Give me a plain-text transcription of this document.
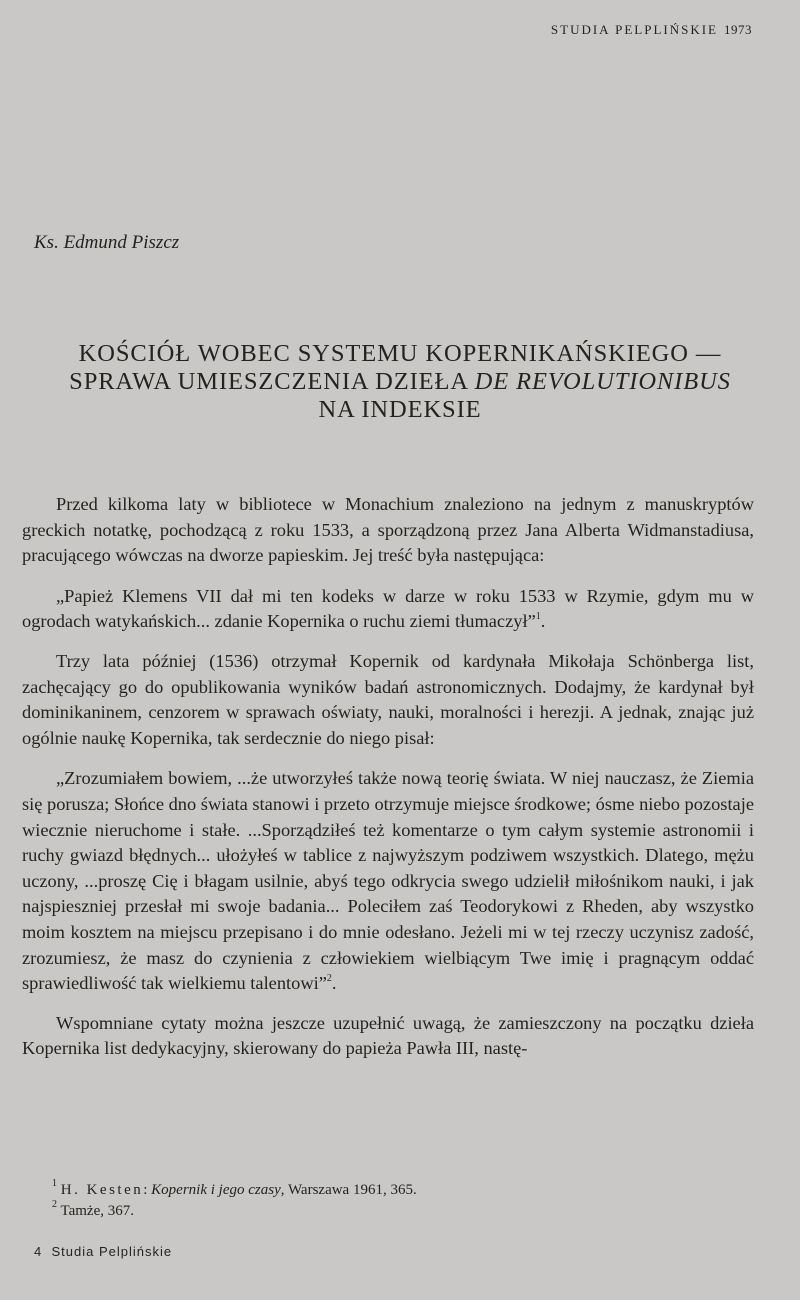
STUDIA PELPLIŃSKIE 1973
Ks. Edmund Piszcz
KOŚCIÓŁ WOBEC SYSTEMU KOPERNIKAŃSKIEGO —
SPRAWA UMIESZCZENIA DZIEŁA DE REVOLUTIONIBUS
NA INDEKSIE

Przed kilkoma laty w bibliotece w Monachium znaleziono na jednym z manuskryptów greckich notatkę, pochodzącą z roku 1533, a sporządzoną przez Jana Alberta Widmanstadiusa, pracującego wówczas na dworze papieskim. Jej treść była następująca:

„Papież Klemens VII dał mi ten kodeks w darze w roku 1533 w Rzymie, gdym mu w ogrodach watykańskich... zdanie Kopernika o ruchu ziemi tłumaczył”$^1$.

Trzy lata później (1536) otrzymał Kopernik od kardynała Mikołaja Schönberga list, zachęcający go do opublikowania wyników badań astronomicznych. Dodajmy, że kardynał był dominikaninem, cenzorem w sprawach oświaty, nauki, moralności i herezji. A jednak, znając już ogólnie naukę Kopernika, tak serdecznie do niego pisał:

„Zrozumiałem bowiem, ...że utworzyłeś także nową teorię świata. W niej nauczasz, że Ziemia się porusza; Słońce dno świata stanowi i przeto otrzymuje miejsce środkowe; ósme niebo pozostaje wiecznie nieruchome i stałe. ...Sporządziłeś też komentarze o tym całym systemie astronomii i ruchy gwiazd błędnych... ułożyłeś w tablice z najwyższym podziwem wszystkich. Dlatego, mężu uczony, ...proszę Cię i błagam usilnie, abyś tego odkrycia swego udzielił miłośnikom nauki, i jak najspieszniej przesłał mi swoje badania... Poleciłem zaś Teodorykowi z Rheden, aby wszystko moim kosztem na miejscu przepisano i do mnie odesłano. Jeżeli mi w tej rzeczy uczynisz zadość, zrozumiesz, że masz do czynienia z człowiekiem wielbiącym Twe imię i pragnącym oddać sprawiedliwość tak wielkiemu talentowi”$^2$.

Wspomniane cytaty można jeszcze uzupełnić uwagą, że zamieszczony na początku dzieła Kopernika list dedykacyjny, skierowany do papieża Pawła III, nastę-

$^1$ H. Kesten: Kopernik i jego czasy, Warszawa 1961, 365.

$^2$ Tamże, 367.

4 Studia Pelplińskie
